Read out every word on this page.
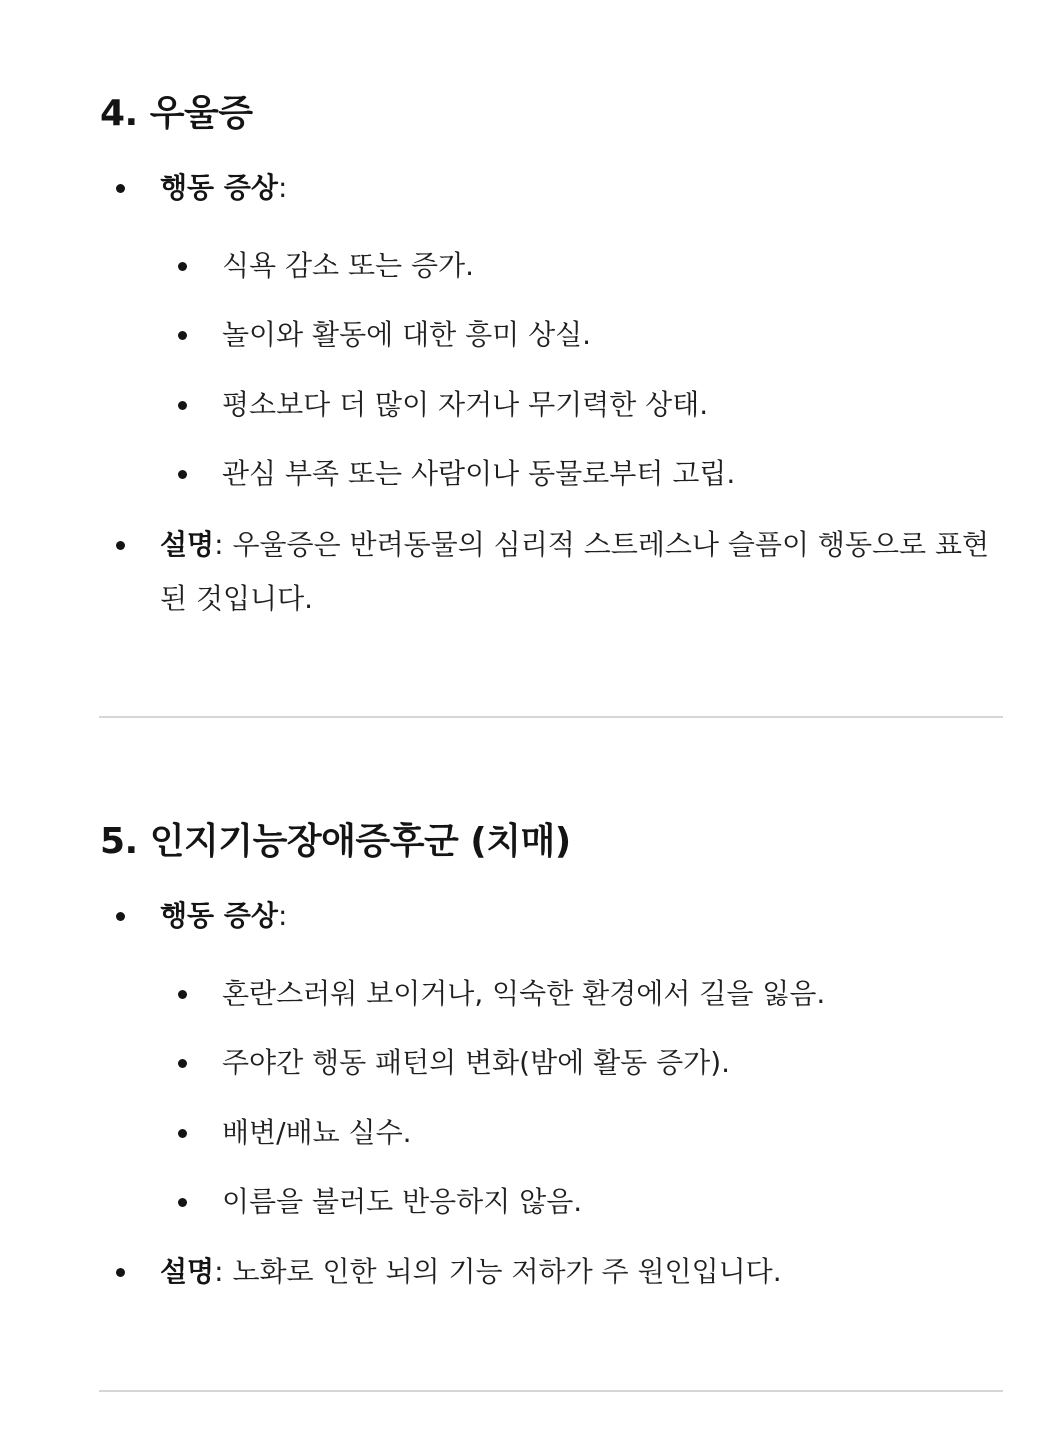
4. 우울증
행동 증상:
식욕 감소 또는 증가.
놀이와 활동에 대한 흥미 상실.
평소보다 더 많이 자거나 무기력한 상태.
관심 부족 또는 사람이나 동물로부터 고립.
설명: 우울증은 반려동물의 심리적 스트레스나 슬픔이 행동으로 표현된 것입니다.
5. 인지기능장애증후군 (치매)
행동 증상:
혼란스러워 보이거나, 익숙한 환경에서 길을 잃음.
주야간 행동 패턴의 변화(밤에 활동 증가).
배변/배뇨 실수.
이름을 불러도 반응하지 않음.
설명: 노화로 인한 뇌의 기능 저하가 주 원인입니다.
